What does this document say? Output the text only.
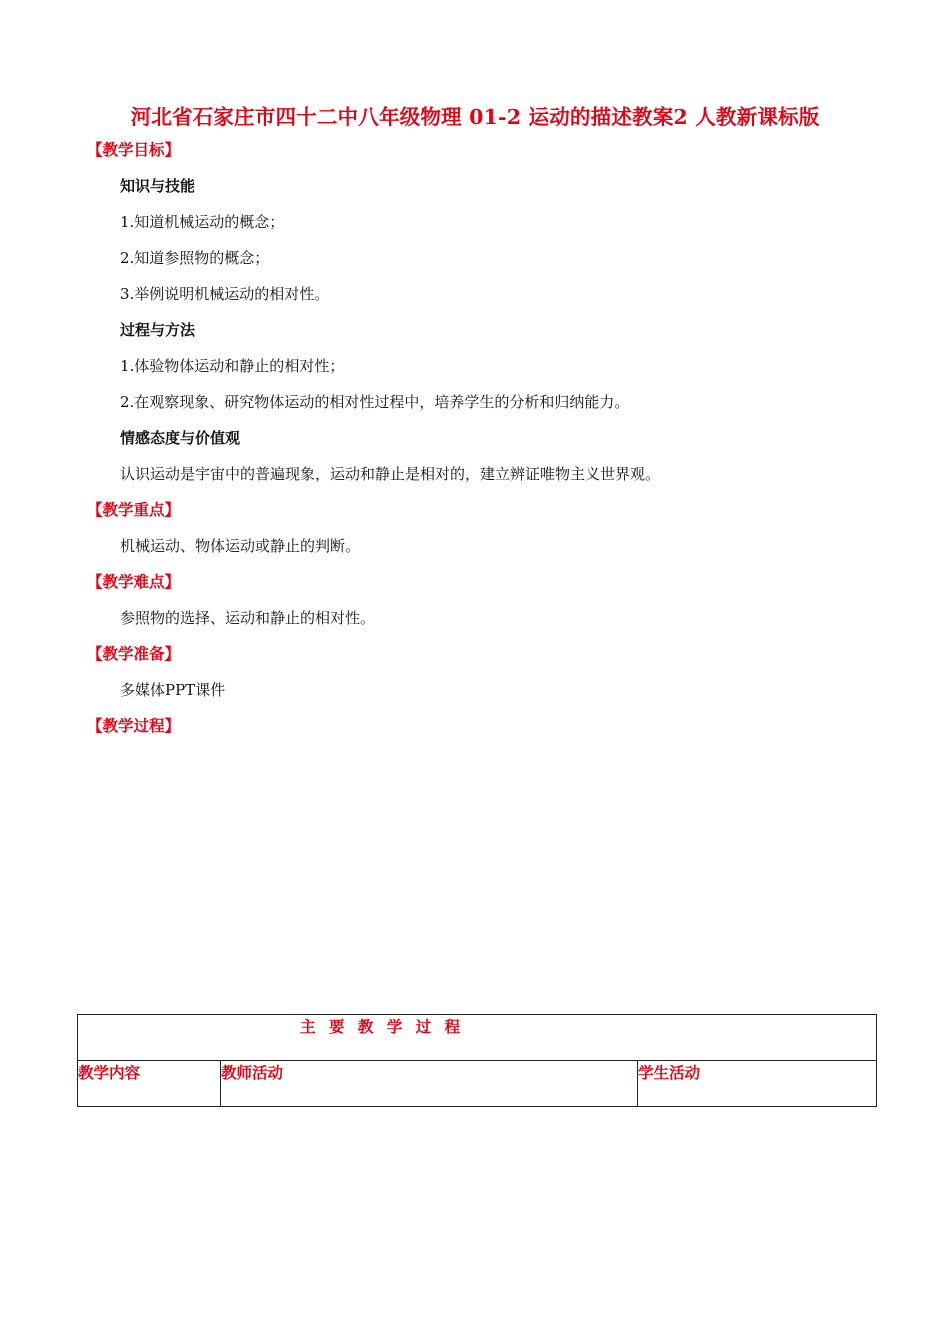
河北省石家庄市四十二中八年级物理 01-2 运动的描述教案2 人教新课标版
【教学目标】
知识与技能
1.知道机械运动的概念；
2.知道参照物的概念；
3.举例说明机械运动的相对性。
过程与方法
1.体验物体运动和静止的相对性；
2.在观察现象、研究物体运动的相对性过程中，培养学生的分析和归纳能力。
情感态度与价值观
认识运动是宇宙中的普遍现象，运动和静止是相对的，建立辨证唯物主义世界观。
【教学重点】
机械运动、物体运动或静止的判断。
【教学难点】
参照物的选择、运动和静止的相对性。
【教学准备】
多媒体PPT课件
【教学过程】
主 要 教 学 过 程
教学内容	教师活动	学生活动
